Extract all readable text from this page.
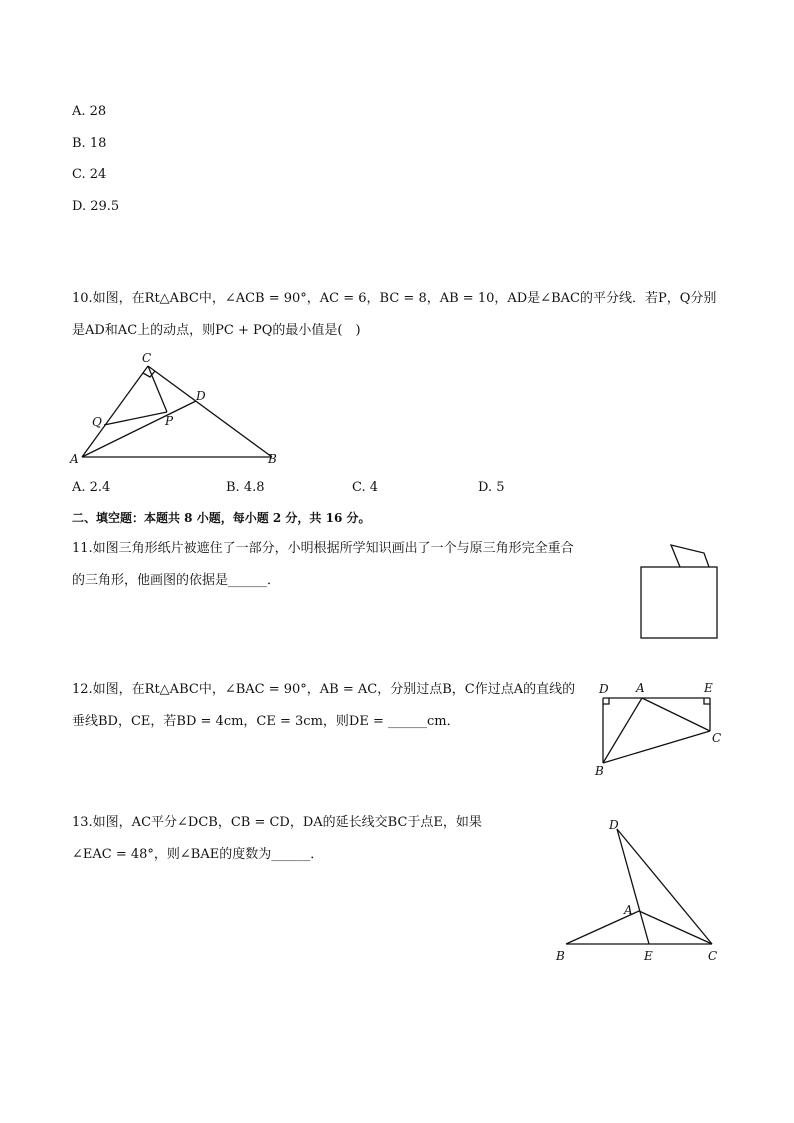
A. 28
B. 18
C. 24
D. 29.5
10.如图，在Rt△ABC中，∠ACB = 90°，AC = 6，BC = 8，AB = 10，AD是∠BAC的平分线．若P，Q分别
是AD和AC上的动点，则PC + PQ的最小值是(　)
C
D
Q	P
A	B
A. 2.4	B. 4.8	C. 4	D. 5
二、填空题：本题共 8 小题，每小题 2 分，共 16 分。
11.如图三角形纸片被遮住了一部分，小明根据所学知识画出了一个与原三角形完全重合
的三角形，他画图的依据是______．
12.如图，在Rt△ABC中，∠BAC = 90°，AB = AC，分别过点B，C作过点A的直线的
垂线BD，CE，若BD = 4cm，CE = 3cm，则DE = ______cm．
D A	E
C
B
13.如图，AC平分∠DCB，CB = CD，DA的延长线交BC于点E，如果
∠EAC = 48°，则∠BAE的度数为______．
D
A
B	E	C
